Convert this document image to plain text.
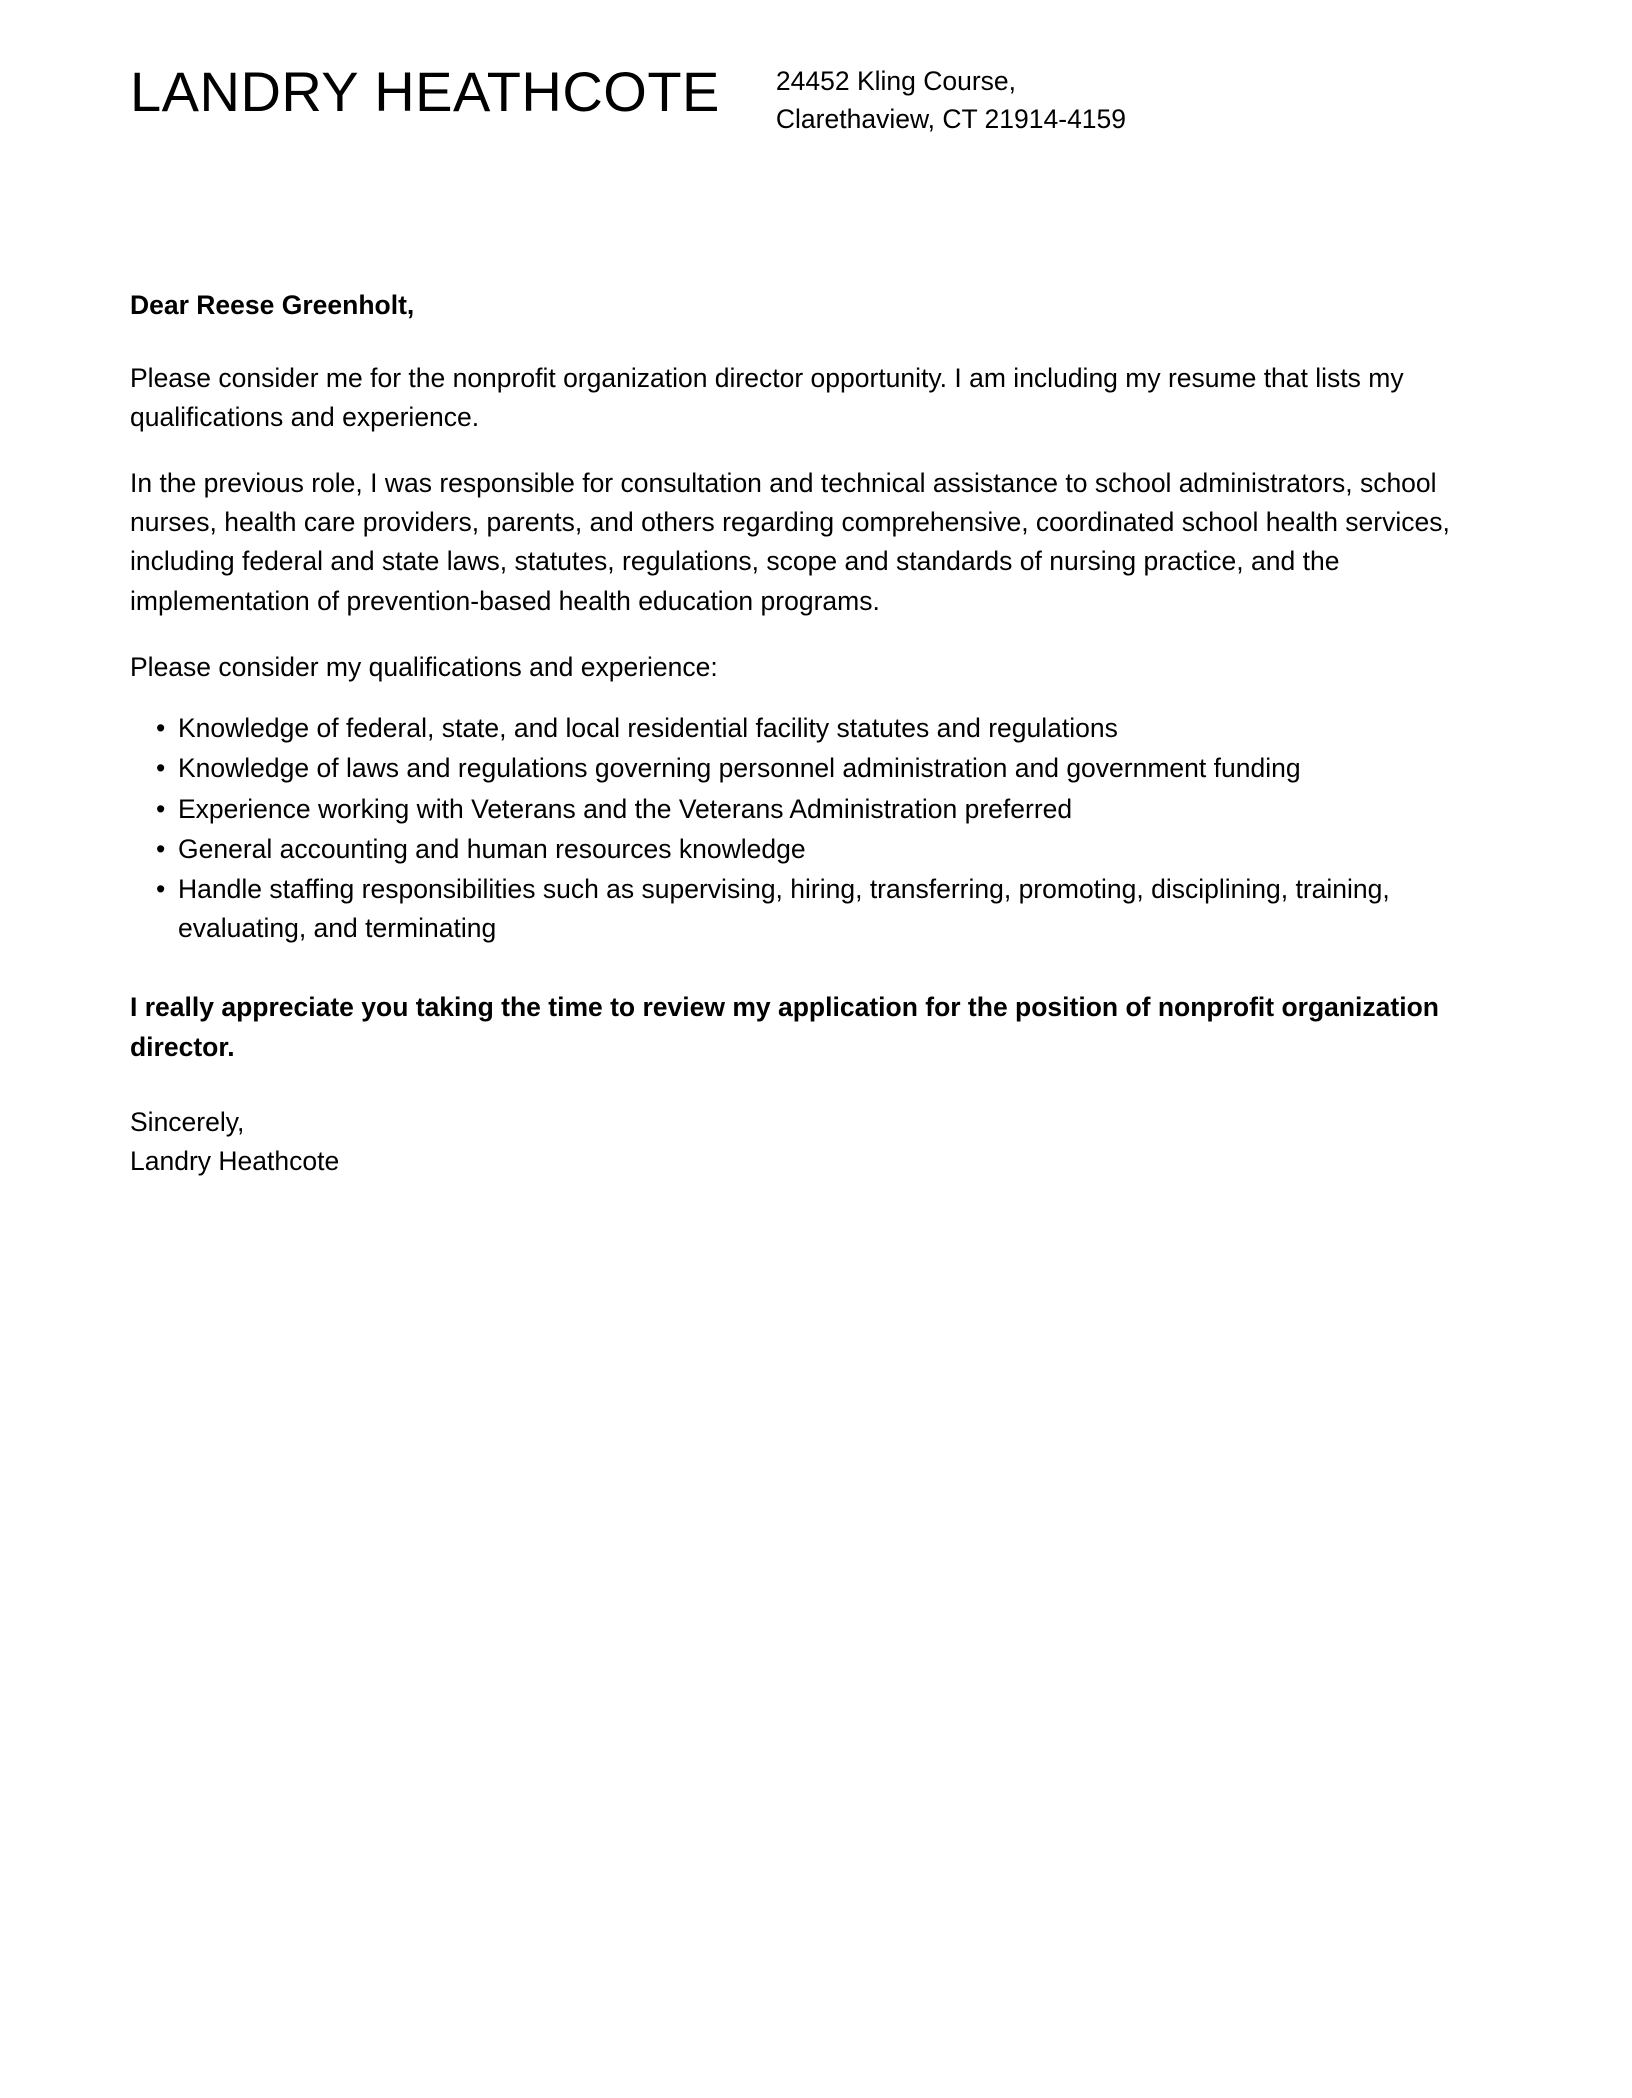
LANDRY HEATHCOTE 24452 Kling Course,
Clarethaview, CT 21914-4159

Dear Reese Greenholt,

Please consider me for the nonprofit organization director opportunity. I am including my resume that lists my qualifications and experience.

In the previous role, I was responsible for consultation and technical assistance to school administrators, school nurses, health care providers, parents, and others regarding comprehensive, coordinated school health services, including federal and state laws, statutes, regulations, scope and standards of nursing practice, and the implementation of prevention-based health education programs.

Please consider my qualifications and experience:

• Knowledge of federal, state, and local residential facility statutes and regulations
• Knowledge of laws and regulations governing personnel administration and government funding
• Experience working with Veterans and the Veterans Administration preferred
• General accounting and human resources knowledge
• Handle staffing responsibilities such as supervising, hiring, transferring, promoting, disciplining, training, evaluating, and terminating

I really appreciate you taking the time to review my application for the position of nonprofit organization director.

Sincerely,
Landry Heathcote
